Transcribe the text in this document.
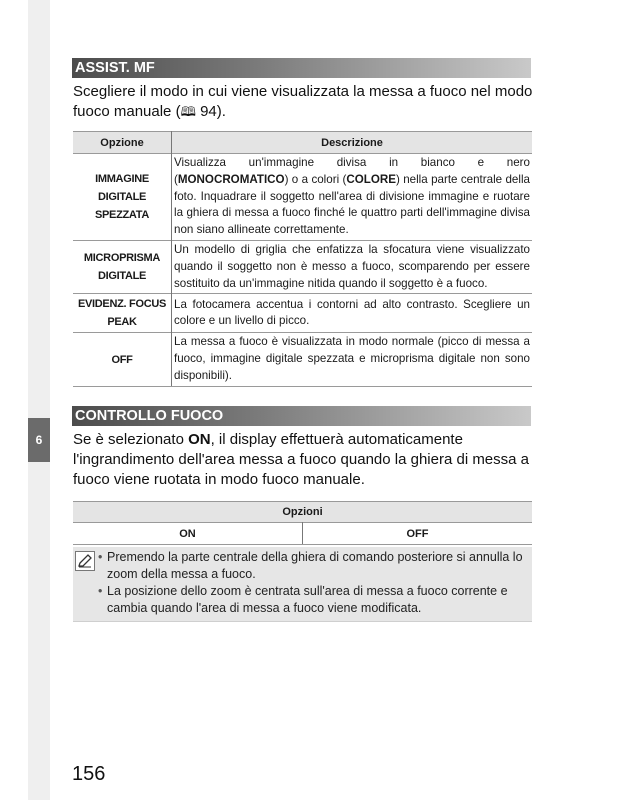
6
ASSIST. MF
Scegliere il modo in cui viene visualizzata la messa a fuoco nel modo fuoco manuale (🕮 94).
Opzione	Descrizione
IMMAGINE DIGITALE SPEZZATA	Visualizza un'immagine divisa in bianco e nero (MONOCROMATICO) o a colori (COLORE) nella parte centrale della foto. Inquadrare il soggetto nell'area di divisione immagine e ruotare la ghiera di messa a fuoco finché le quattro parti dell'immagine divisa non siano allineate correttamente.
MICROPRISMA DIGITALE	Un modello di griglia che enfatizza la sfocatura viene visualizzato quando il soggetto non è messo a fuoco, scomparendo per essere sostituito da un'immagine nitida quando il soggetto è a fuoco.
EVIDENZ. FOCUS PEAK	La fotocamera accentua i contorni ad alto contrasto. Scegliere un colore e un livello di picco.
OFF	La messa a fuoco è visualizzata in modo normale (picco di messa a fuoco, immagine digitale spezzata e microprisma digitale non sono disponibili).
CONTROLLO FUOCO
Se è selezionato ON, il display effettuerà automaticamente l'ingrandimento dell'area messa a fuoco quando la ghiera di messa a fuoco viene ruotata in modo fuoco manuale.
Opzioni
ON	OFF
• Premendo la parte centrale della ghiera di comando posteriore si annulla lo zoom della messa a fuoco.
• La posizione dello zoom è centrata sull'area di messa a fuoco corrente e cambia quando l'area di messa a fuoco viene modificata.
156
